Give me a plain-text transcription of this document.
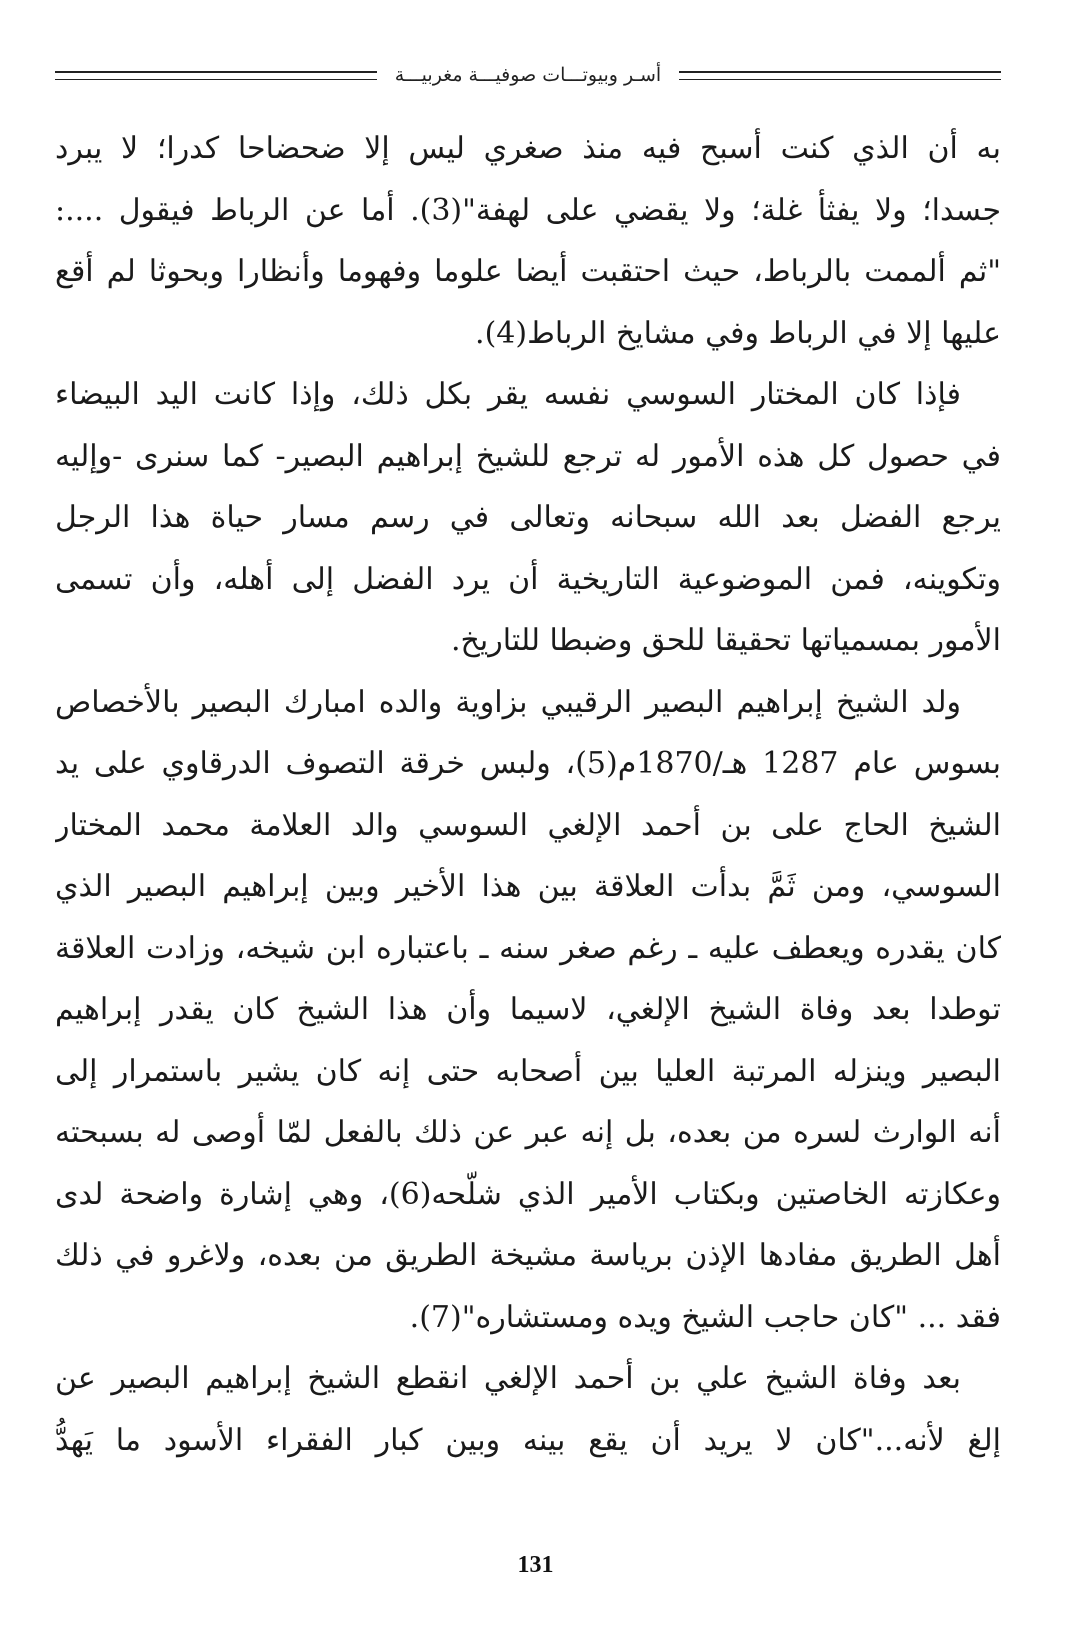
أسـر وبيوتـــات صوفيـــة مغربيـــة

به أن الذي كنت أسبح فيه منذ صغري ليس إلا ضحضاحا كدرا؛ لا يبرد
جسدا؛ ولا يفثأ غلة؛ ولا يقضي على لهفة"(3). أما عن الرباط فيقول ....:
"ثم ألممت بالرباط، حيث احتقبت أيضا علوما وفهوما وأنظارا وبحوثا لم أقع
عليها إلا في الرباط وفي مشايخ الرباط(4).

فإذا كان المختار السوسي نفسه يقر بكل ذلك، وإذا كانت اليد البيضاء
في حصول كل هذه الأمور له ترجع للشيخ إبراهيم البصير- كما سنرى -وإليه
يرجع الفضل بعد الله سبحانه وتعالى في رسم مسار حياة هذا الرجل
وتكوينه، فمن الموضوعية التاريخية أن يرد الفضل إلى أهله، وأن تسمى
الأمور بمسمياتها تحقيقا للحق وضبطا للتاريخ.

ولد الشيخ إبراهيم البصير الرقيبي بزاوية والده امبارك البصير بالأخصاص
بسوس عام 1287 هـ/1870م(5)، ولبس خرقة التصوف الدرقاوي على يد
الشيخ الحاج على بن أحمد الإلغي السوسي والد العلامة محمد المختار
السوسي، ومن ثَمَّ بدأت العلاقة بين هذا الأخير وبين إبراهيم البصير الذي
كان يقدره ويعطف عليه ـ رغم صغر سنه ـ باعتباره ابن شيخه، وزادت العلاقة
توطدا بعد وفاة الشيخ الإلغي، لاسيما وأن هذا الشيخ كان يقدر إبراهيم
البصير وينزله المرتبة العليا بين أصحابه حتى إنه كان يشير باستمرار إلى
أنه الوارث لسره من بعده، بل إنه عبر عن ذلك بالفعل لمّا أوصى له بسبحته
وعكازته الخاصتين وبكتاب الأمير الذي شلّحه(6)، وهي إشارة واضحة لدى
أهل الطريق مفادها الإذن برياسة مشيخة الطريق من بعده، ولاغرو في ذلك
فقد ... "كان حاجب الشيخ ويده ومستشاره"(7).

بعد وفاة الشيخ علي بن أحمد الإلغي انقطع الشيخ إبراهيم البصير عن
إلغ لأنه..."كان لا يريد أن يقع بينه وبين كبار الفقراء الأسود ما يَهدُّ

131
